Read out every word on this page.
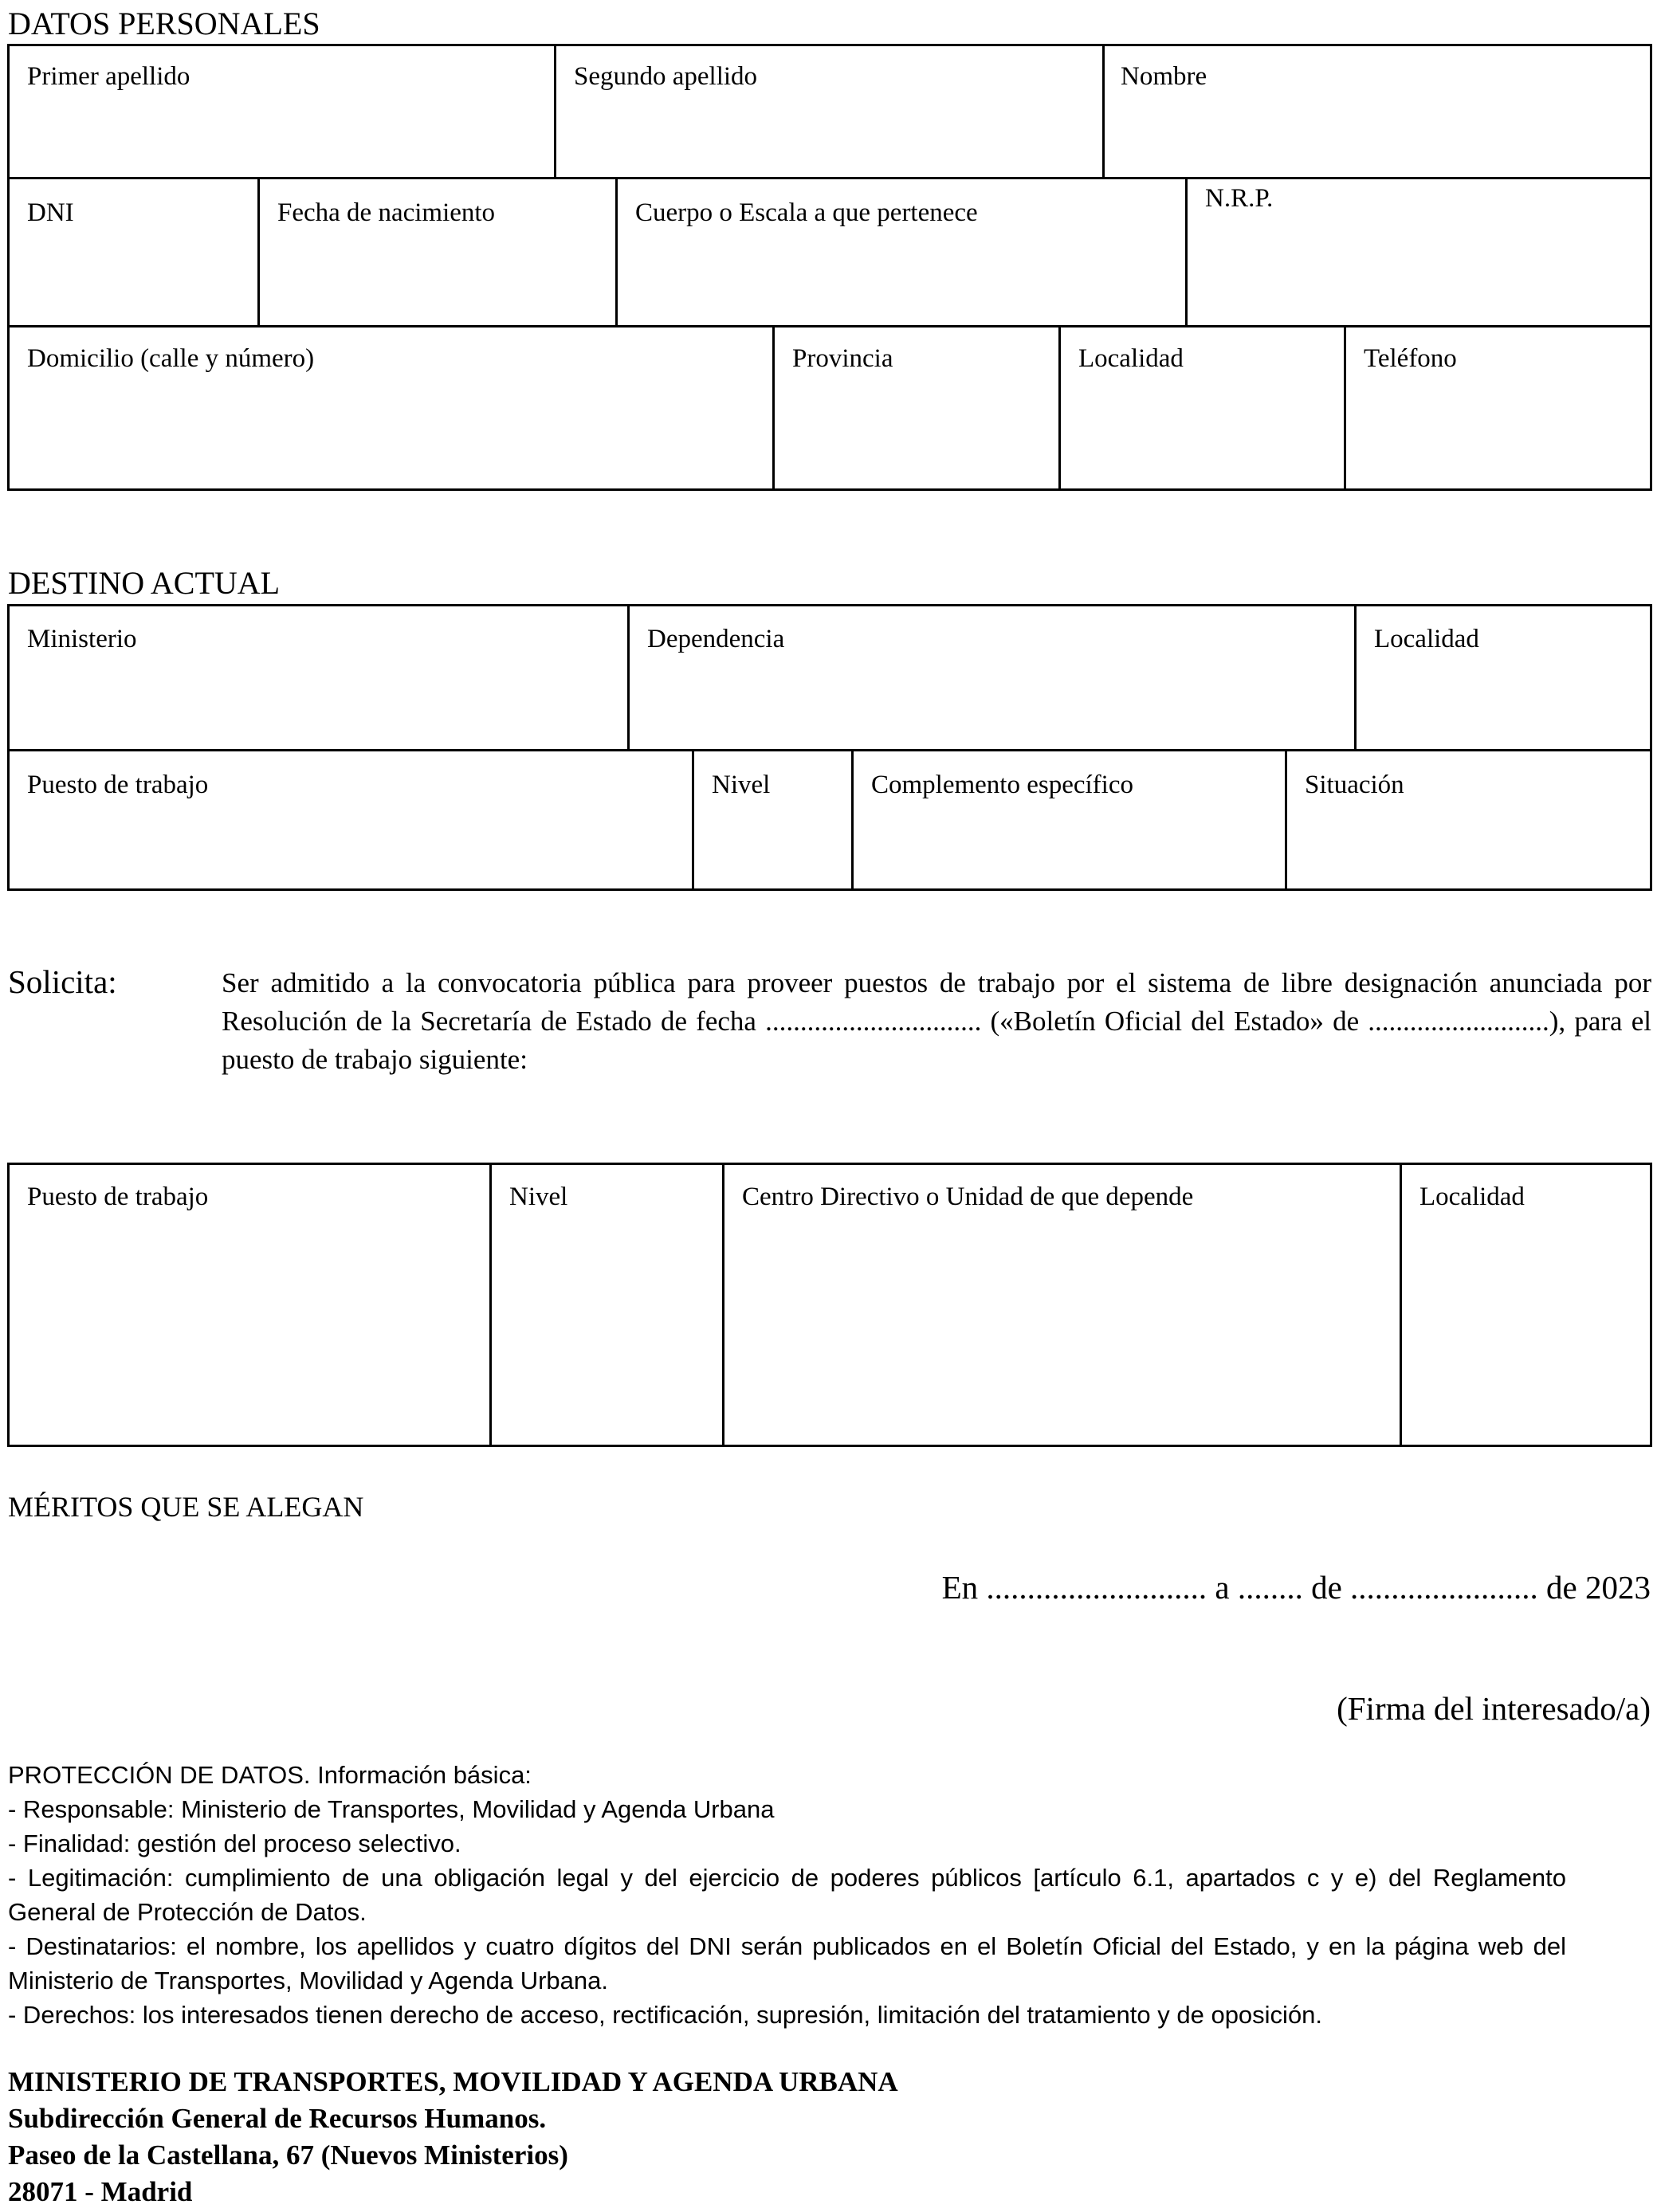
DATOS PERSONALES
Primer apellido	Segundo apellido	Nombre
DNI	Fecha de nacimiento	Cuerpo o Escala a que pertenece	N.R.P.
Domicilio (calle y número)	Provincia	Localidad	Teléfono
DESTINO ACTUAL
Ministerio	Dependencia	Localidad
Puesto de trabajo	Nivel	Complemento específico	Situación
Solicita:	Ser admitido a la convocatoria pública para proveer puestos de trabajo por el sistema de libre designación anunciada por Resolución de la Secretaría de Estado de fecha ............................... («Boletín Oficial del Estado» de ..........................), para el puesto de trabajo siguiente:
Puesto de trabajo	Nivel	Centro Directivo o Unidad de que depende	Localidad
MÉRITOS QUE SE ALEGAN
En ........................... a ........ de ....................... de 2023
(Firma del interesado/a)
PROTECCIÓN DE DATOS. Información básica:
- Responsable: Ministerio de Transportes, Movilidad y Agenda Urbana
- Finalidad: gestión del proceso selectivo.
- Legitimación: cumplimiento de una obligación legal y del ejercicio de poderes públicos [artículo 6.1, apartados c y e) del Reglamento General de Protección de Datos.
- Destinatarios: el nombre, los apellidos y cuatro dígitos del DNI serán publicados en el Boletín Oficial del Estado, y en la página web del Ministerio de Transportes, Movilidad y Agenda Urbana.
- Derechos: los interesados tienen derecho de acceso, rectificación, supresión, limitación del tratamiento y de oposición.
MINISTERIO DE TRANSPORTES, MOVILIDAD Y AGENDA URBANA
Subdirección General de Recursos Humanos.
Paseo de la Castellana, 67 (Nuevos Ministerios)
28071 - Madrid
